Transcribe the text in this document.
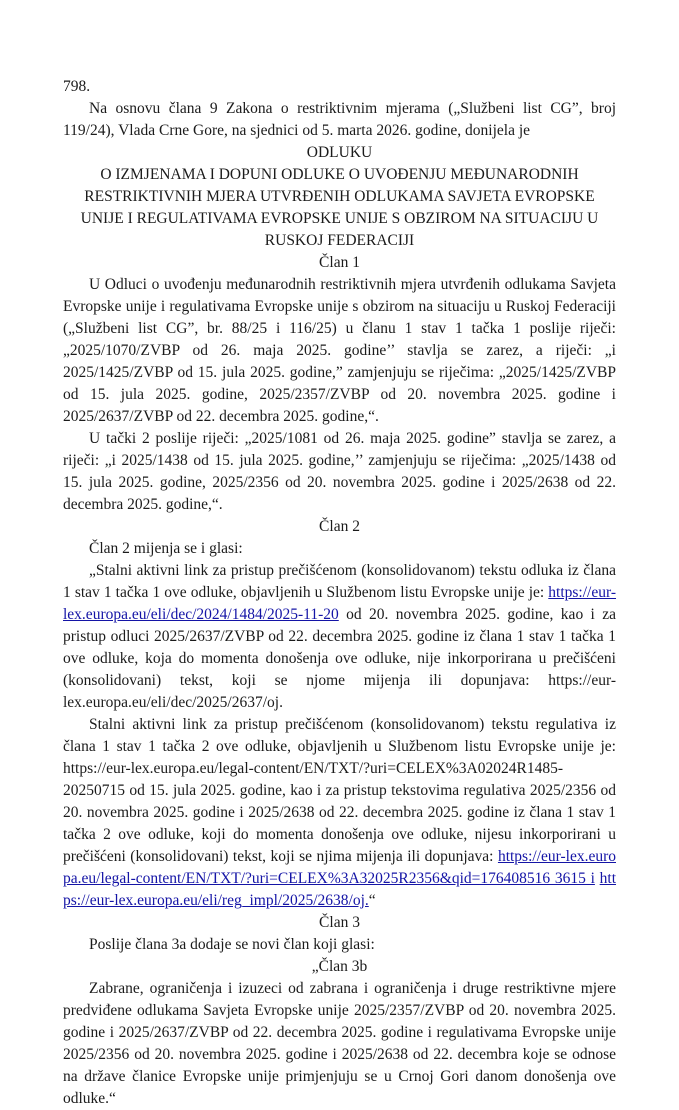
798.

Na osnovu člana 9 Zakona o restriktivnim mjerama („Službeni list CG”, broj 119/24), Vlada Crne Gore, na sjednici od 5. marta 2026. godine, donijela je

ODLUKU
O IZMJENAMA I DOPUNI ODLUKE O UVOĐENJU MEĐUNARODNIH RESTRIKTIVNIH MJERA UTVRĐENIH ODLUKAMA SAVJETA EVROPSKE UNIJE I REGULATIVAMA EVROPSKE UNIJE S OBZIROM NA SITUACIJU U RUSKOJ FEDERACIJI
Član 1

U Odluci o uvođenju međunarodnih restriktivnih mjera utvrđenih odlukama Savjeta Evropske unije i regulativama Evropske unije s obzirom na situaciju u Ruskoj Federaciji („Službeni list CG”, br. 88/25 i 116/25) u članu 1 stav 1 tačka 1 poslije riječi: „2025/1070/ZVBP od 26. maja 2025. godine’’ stavlja se zarez, a riječi: „i 2025/1425/ZVBP od 15. jula 2025. godine,” zamjenjuju se riječima: „2025/1425/ZVBP od 15. jula 2025. godine, 2025/2357/ZVBP od 20. novembra 2025. godine i 2025/2637/ZVBP od 22. decembra 2025. godine,“.

U tački 2 poslije riječi: „2025/1081 od 26. maja 2025. godine” stavlja se zarez, a riječi: „i 2025/1438 od 15. jula 2025. godine,’’ zamjenjuju se riječima: „2025/1438 od 15. jula 2025. godine, 2025/2356 od 20. novembra 2025. godine i 2025/2638 od 22. decembra 2025. godine,“.

Član 2

Član 2 mijenja se i glasi:

„Stalni aktivni link za pristup prečišćenom (konsolidovanom) tekstu odluka iz člana 1 stav 1 tačka 1 ove odluke, objavljenih u Službenom listu Evropske unije je: https://eur-lex.europa.eu/eli/dec/2024/1484/2025-11-20 od 20. novembra 2025. godine, kao i za pristup odluci 2025/2637/ZVBP od 22. decembra 2025. godine iz člana 1 stav 1 tačka 1 ove odluke, koja do momenta donošenja ove odluke, nije inkorporirana u prečišćeni (konsolidovani) tekst, koji se njome mijenja ili dopunjava: https://eur-lex.europa.eu/eli/dec/2025/2637/oj.

Stalni aktivni link za pristup prečišćenom (konsolidovanom) tekstu regulativa iz člana 1 stav 1 tačka 2 ove odluke, objavljenih u Službenom listu Evropske unije je: https://eur-lex.europa.eu/legal-content/EN/TXT/?uri=CELEX%3A02024R1485-20250715 od 15. jula 2025. godine, kao i za pristup tekstovima regulativa 2025/2356 od 20. novembra 2025. godine i 2025/2638 od 22. decembra 2025. godine iz člana 1 stav 1 tačka 2 ove odluke, koji do momenta donošenja ove odluke, nijesu inkorporirani u prečišćeni (konsolidovani) tekst, koji se njima mijenja ili dopunjava: https://eur-lex.europa.eu/legal-content/EN/TXT/?uri=CELEX%3A32025R2356&qid=176408516 3615 i https://eur-lex.europa.eu/eli/reg_impl/2025/2638/oj.“

Član 3

Poslije člana 3a dodaje se novi član koji glasi:

„Član 3b

Zabrane, ograničenja i izuzeci od zabrana i ograničenja i druge restriktivne mjere predviđene odlukama Savjeta Evropske unije 2025/2357/ZVBP od 20. novembra 2025. godine i 2025/2637/ZVBP od 22. decembra 2025. godine i regulativama Evropske unije 2025/2356 od 20. novembra 2025. godine i 2025/2638 od 22. decembra koje se odnose na države članice Evropske unije primjenjuju se u Crnoj Gori danom donošenja ove odluke.“
